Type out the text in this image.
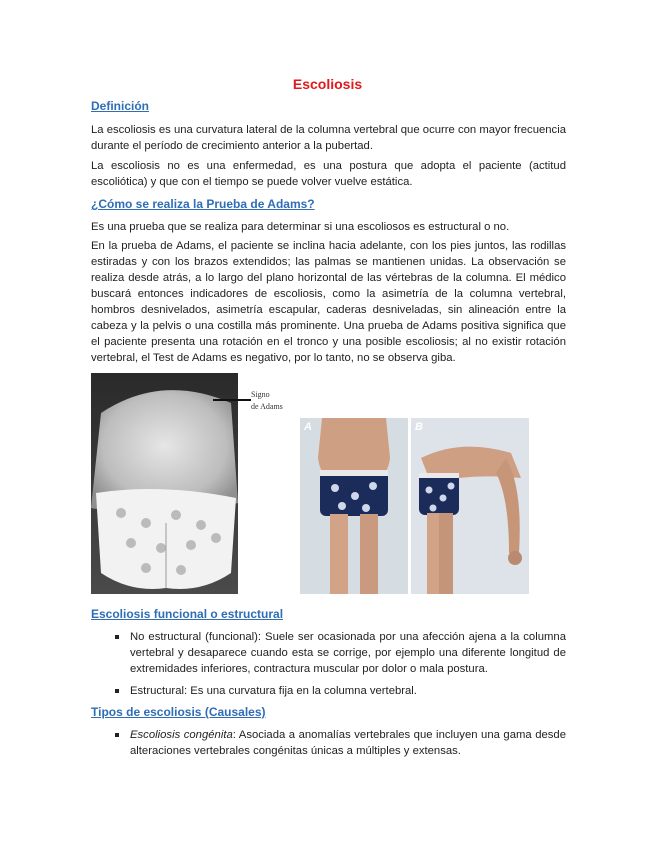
Escoliosis
Definición
La escoliosis es una curvatura lateral de la columna vertebral que ocurre con mayor frecuencia durante el período de crecimiento anterior a la pubertad.
La escoliosis no es una enfermedad, es una postura que adopta el paciente (actitud escoliótica) y que con el tiempo se puede volver vuelve estática.
¿Cómo se realiza la Prueba de Adams?
Es una prueba que se realiza para determinar si una escoliosos es estructural o no.
En la prueba de Adams, el paciente se inclina hacia adelante, con los pies juntos, las rodillas estiradas y con los brazos extendidos; las palmas se mantienen unidas. La observación se realiza desde atrás, a lo largo del plano horizontal de las vértebras de la columna. El médico buscará entonces indicadores de escoliosis, como la asimetría de la columna vertebral, hombros desnivelados, asimetría escapular, caderas desniveladas, sin alineación entre la cabeza y la pelvis o una costilla más prominente. Una prueba de Adams positiva significa que el paciente presenta una rotación en el tronco y una posible escoliosis; al no existir rotación vertebral, el Test de Adams es negativo, por lo tanto, no se observa giba.
Signo
de Adams
A	B
Escoliosis funcional o estructural
No estructural (funcional): Suele ser ocasionada por una afección ajena a la columna vertebral y desaparece cuando esta se corrige, por ejemplo una diferente longitud de extremidades inferiores, contractura muscular por dolor o mala postura.
Estructural: Es una curvatura fija en la columna vertebral.
Tipos de escoliosis (Causales)
Escoliosis congénita: Asociada a anomalías vertebrales que incluyen una gama desde alteraciones vertebrales congénitas únicas a múltiples y extensas.
